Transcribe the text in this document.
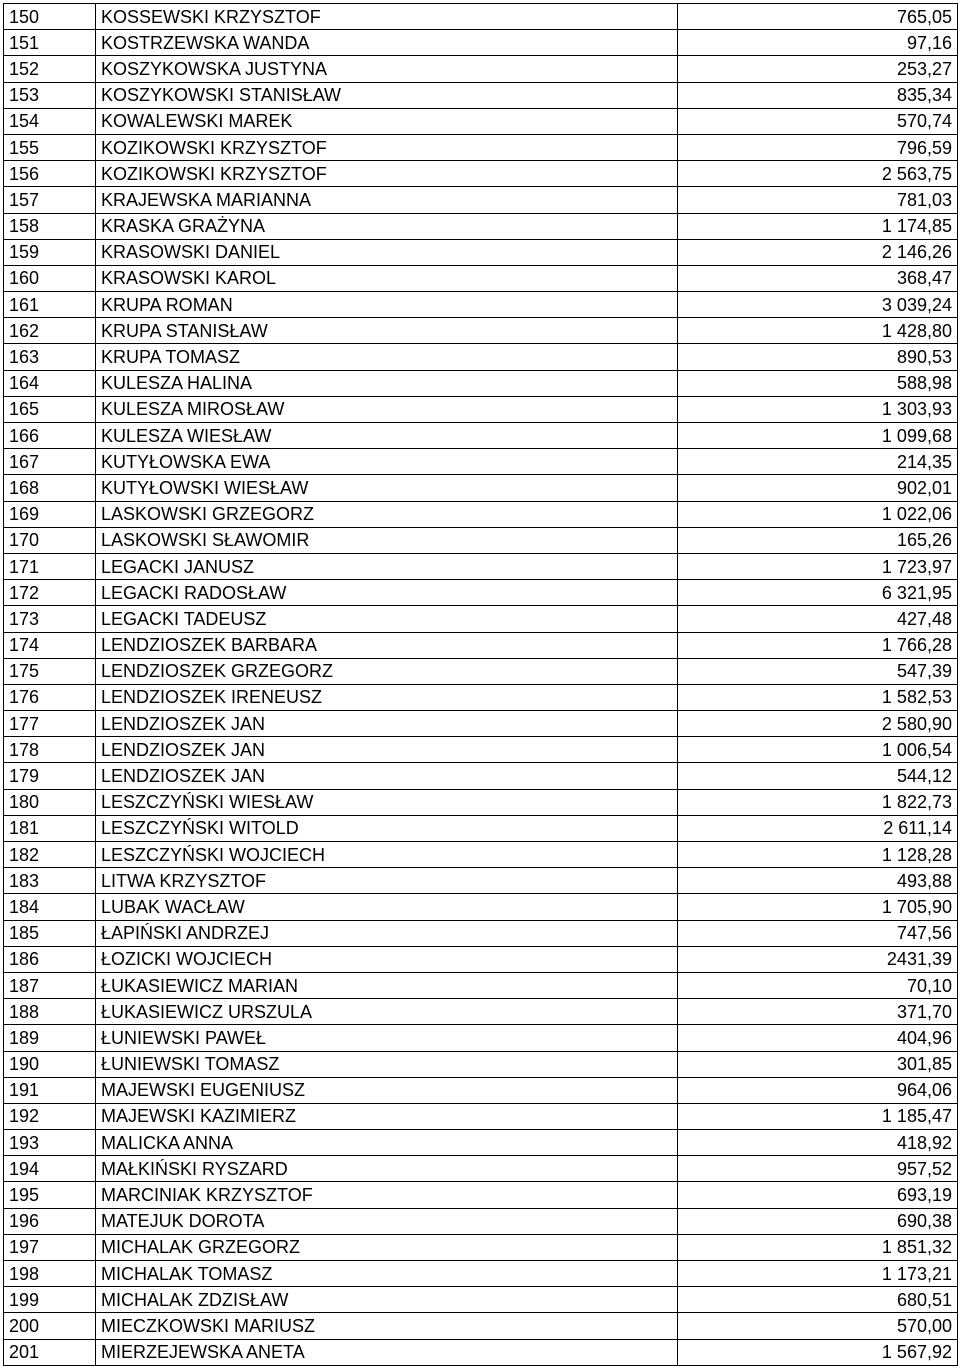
150	KOSSEWSKI KRZYSZTOF	765,05
151	KOSTRZEWSKA WANDA	97,16
152	KOSZYKOWSKA JUSTYNA	253,27
153	KOSZYKOWSKI STANISŁAW	835,34
154	KOWALEWSKI MAREK	570,74
155	KOZIKOWSKI KRZYSZTOF	796,59
156	KOZIKOWSKI KRZYSZTOF	2 563,75
157	KRAJEWSKA MARIANNA	781,03
158	KRASKA GRAŻYNA	1 174,85
159	KRASOWSKI DANIEL	2 146,26
160	KRASOWSKI KAROL	368,47
161	KRUPA ROMAN	3 039,24
162	KRUPA STANISŁAW	1 428,80
163	KRUPA TOMASZ	890,53
164	KULESZA HALINA	588,98
165	KULESZA MIROSŁAW	1 303,93
166	KULESZA WIESŁAW	1 099,68
167	KUTYŁOWSKA EWA	214,35
168	KUTYŁOWSKI WIESŁAW	902,01
169	LASKOWSKI GRZEGORZ	1 022,06
170	LASKOWSKI SŁAWOMIR	165,26
171	LEGACKI JANUSZ	1 723,97
172	LEGACKI RADOSŁAW	6 321,95
173	LEGACKI TADEUSZ	427,48
174	LENDZIOSZEK BARBARA	1 766,28
175	LENDZIOSZEK GRZEGORZ	547,39
176	LENDZIOSZEK IRENEUSZ	1 582,53
177	LENDZIOSZEK JAN	2 580,90
178	LENDZIOSZEK JAN	1 006,54
179	LENDZIOSZEK JAN	544,12
180	LESZCZYŃSKI WIESŁAW	1 822,73
181	LESZCZYŃSKI WITOLD	2 611,14
182	LESZCZYŃSKI WOJCIECH	1 128,28
183	LITWA KRZYSZTOF	493,88
184	LUBAK WACŁAW	1 705,90
185	ŁAPIŃSKI ANDRZEJ	747,56
186	ŁOZICKI WOJCIECH	2431,39
187	ŁUKASIEWICZ MARIAN	70,10
188	ŁUKASIEWICZ URSZULA	371,70
189	ŁUNIEWSKI PAWEŁ	404,96
190	ŁUNIEWSKI TOMASZ	301,85
191	MAJEWSKI EUGENIUSZ	964,06
192	MAJEWSKI KAZIMIERZ	1 185,47
193	MALICKA ANNA	418,92
194	MAŁKIŃSKI RYSZARD	957,52
195	MARCINIAK KRZYSZTOF	693,19
196	MATEJUK DOROTA	690,38
197	MICHALAK GRZEGORZ	1 851,32
198	MICHALAK TOMASZ	1 173,21
199	MICHALAK ZDZISŁAW	680,51
200	MIECZKOWSKI MARIUSZ	570,00
201	MIERZEJEWSKA ANETA	1 567,92
